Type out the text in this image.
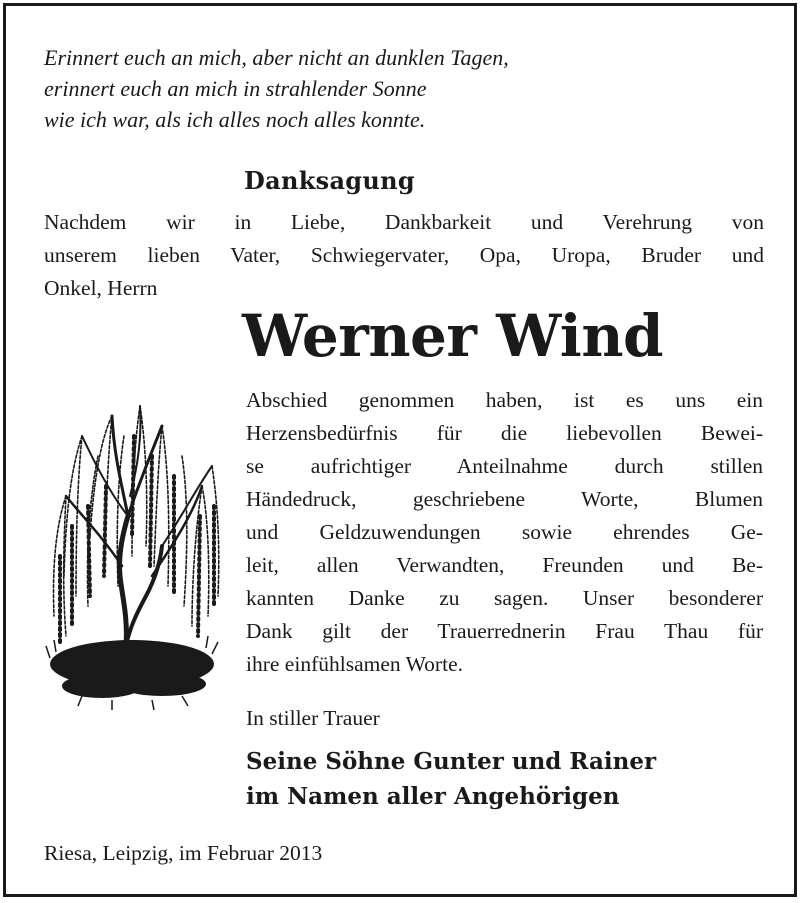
Erinnert euch an mich, aber nicht an dunklen Tagen,
erinnert euch an mich in strahlender Sonne
wie ich war, als ich alles noch alles konnte.
Danksagung
Nachdem wir in Liebe, Dankbarkeit und Verehrung von
unserem lieben Vater, Schwiegervater, Opa, Uropa, Bruder und
Onkel, Herrn
Werner Wind
Abschied genommen haben, ist es uns ein
Herzensbedürfnis für die liebevollen Bewei-
se aufrichtiger Anteilnahme durch stillen
Händedruck, geschriebene Worte, Blumen
und Geldzuwendungen sowie ehrendes Ge-
leit, allen Verwandten, Freunden und Be-
kannten Danke zu sagen. Unser besonderer
Dank gilt der Trauerrednerin Frau Thau für
ihre einfühlsamen Worte.
In stiller Trauer
Seine Söhne Gunter und Rainer
im Namen aller Angehörigen
Riesa, Leipzig, im Februar 2013
